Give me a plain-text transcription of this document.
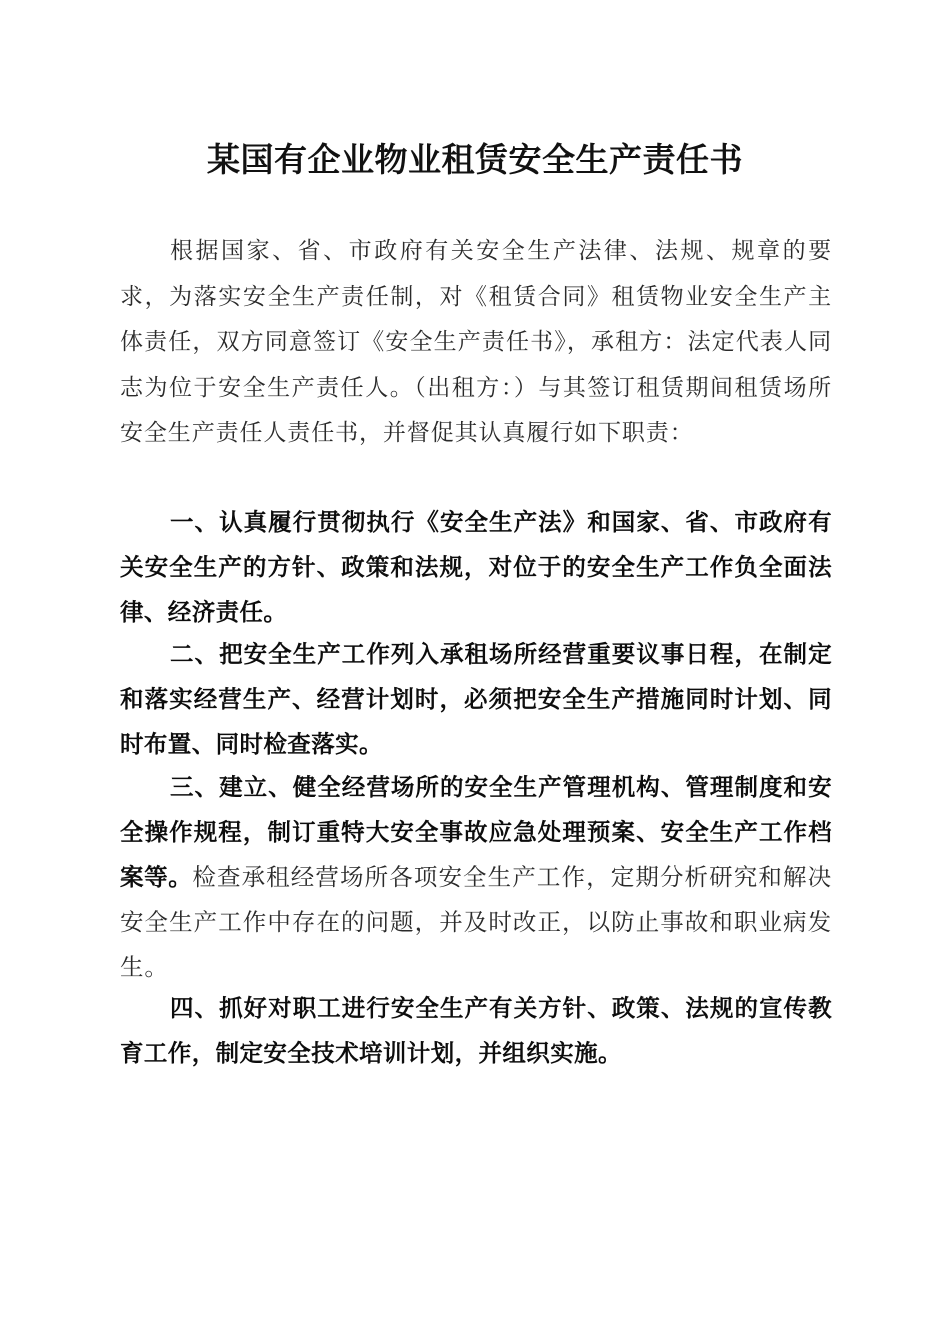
某国有企业物业租赁安全生产责任书

根据国家、省、市政府有关安全生产法律、法规、规章的要求，为落实安全生产责任制，对《租赁合同》租赁物业安全生产主体责任，双方同意签订《安全生产责任书》，承租方：法定代表人同志为位于安全生产责任人。（出租方：）与其签订租赁期间租赁场所安全生产责任人责任书，并督促其认真履行如下职责：

一、认真履行贯彻执行《安全生产法》和国家、省、市政府有关安全生产的方针、政策和法规，对位于的安全生产工作负全面法律、经济责任。

二、把安全生产工作列入承租场所经营重要议事日程，在制定和落实经营生产、经营计划时，必须把安全生产措施同时计划、同时布置、同时检查落实。

三、建立、健全经营场所的安全生产管理机构、管理制度和安全操作规程，制订重特大安全事故应急处理预案、安全生产工作档案等。检查承租经营场所各项安全生产工作，定期分析研究和解决安全生产工作中存在的问题，并及时改正，以防止事故和职业病发生。

四、抓好对职工进行安全生产有关方针、政策、法规的宣传教育工作，制定安全技术培训计划，并组织实施。
